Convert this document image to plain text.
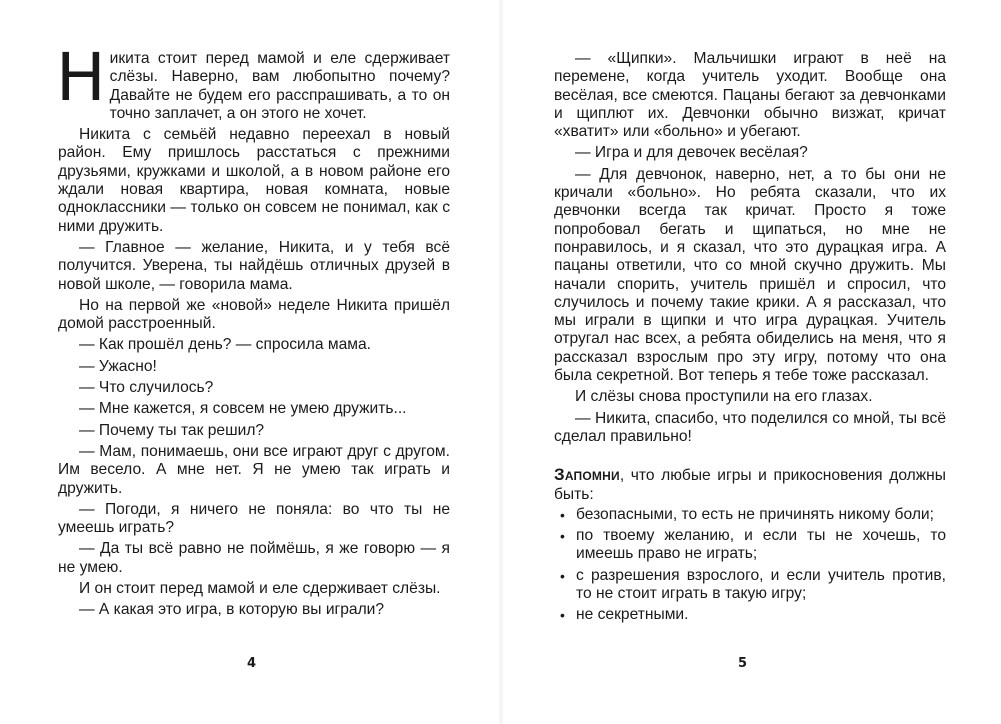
Н икита стоит перед мамой и еле сдерживает слёзы. Наверно, вам любопытно почему? Давайте не будем его расспрашивать, а то он точно заплачет, а он этого не хочет.

Никита с семьёй недавно переехал в новый район. Ему пришлось расстаться с прежними друзьями, кружками и школой, а в новом районе его ждали новая квартира, новая комната, новые одноклассники — только он совсем не понимал, как с ними дружить.

— Главное — желание, Никита, и у тебя всё получится. Уверена, ты найдёшь отличных друзей в новой школе, — говорила мама.

Но на первой же «новой» неделе Никита пришёл домой расстроенный.

— Как прошёл день? — спросила мама.

— Ужасно!

— Что случилось?

— Мне кажется, я совсем не умею дружить...

— Почему ты так решил?

— Мам, понимаешь, они все играют друг с другом. Им весело. А мне нет. Я не умею так играть и дружить.

— Погоди, я ничего не поняла: во что ты не умеешь играть?

— Да ты всё равно не поймёшь, я же говорю — я не умею.

И он стоит перед мамой и еле сдерживает слёзы.

— А какая это игра, в которую вы играли?

— «Щипки». Мальчишки играют в неё на перемене, когда учитель уходит. Вообще она весёлая, все смеются. Пацаны бегают за девчонками и щиплют их. Девчонки обычно визжат, кричат «хватит» или «больно» и убегают.

— Игра и для девочек весёлая?

— Для девчонок, наверно, нет, а то бы они не кричали «больно». Но ребята сказали, что их девчонки всегда так кричат. Просто я тоже попробовал бегать и щипаться, но мне не понравилось, и я сказал, что это дурацкая игра. А пацаны ответили, что со мной скучно дружить. Мы начали спорить, учитель пришёл и спросил, что случилось и почему такие крики. А я рассказал, что мы играли в щипки и что игра дурацкая. Учитель отругал нас всех, а ребята обиделись на меня, что я рассказал взрослым про эту игру, потому что она была секретной. Вот теперь я тебе тоже рассказал.

И слёзы снова проступили на его глазах.

— Никита, спасибо, что поделился со мной, ты всё сделал правильно!

Запомни, что любые игры и прикосновения должны быть:

• безопасными, то есть не причинять никому боли;
• по твоему желанию, и если ты не хочешь, то имеешь право не играть;
• с разрешения взрослого, и если учитель против, то не стоит играть в такую игру;
• не секретными.
4	5
